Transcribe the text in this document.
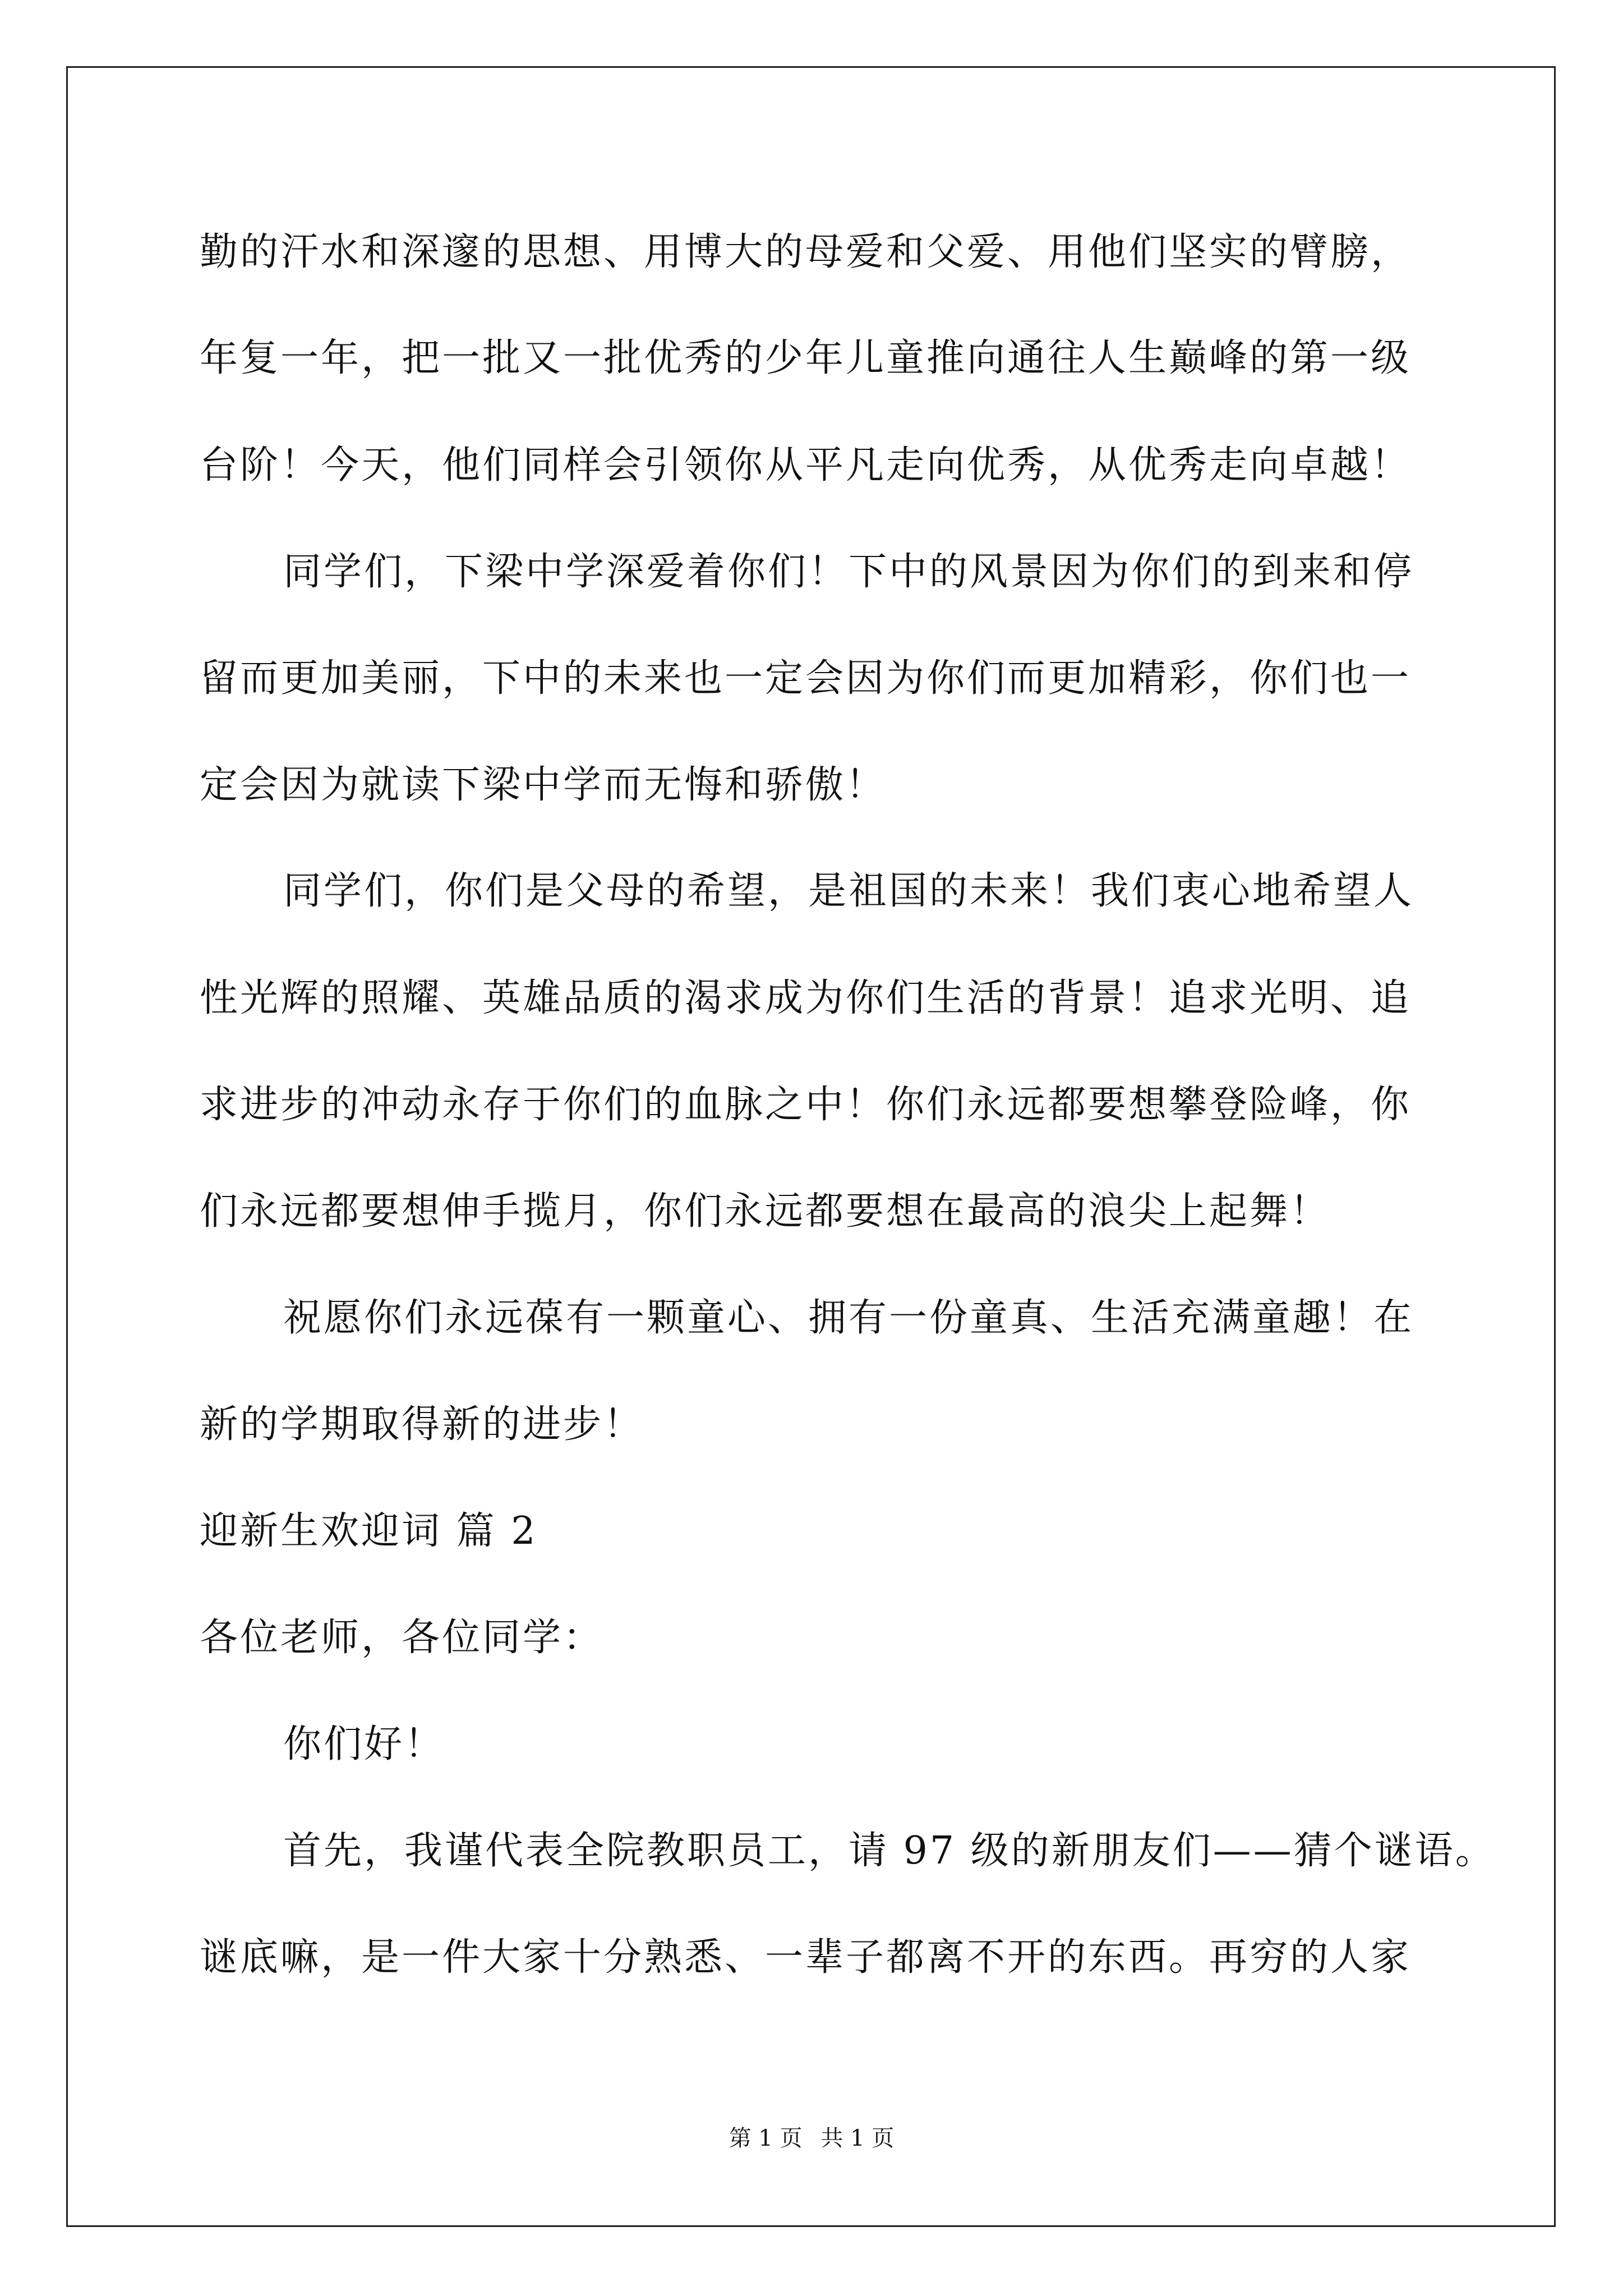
勤的汗水和深邃的思想、用博大的母爱和父爱、用他们坚实的臂膀，
年复一年，把一批又一批优秀的少年儿童推向通往人生巅峰的第一级
台阶！今天，他们同样会引领你从平凡走向优秀，从优秀走向卓越！
同学们，下梁中学深爱着你们！下中的风景因为你们的到来和停
留而更加美丽，下中的未来也一定会因为你们而更加精彩，你们也一
定会因为就读下梁中学而无悔和骄傲！
同学们，你们是父母的希望，是祖国的未来！我们衷心地希望人
性光辉的照耀、英雄品质的渴求成为你们生活的背景！追求光明、追
求进步的冲动永存于你们的血脉之中！你们永远都要想攀登险峰，你
们永远都要想伸手揽月，你们永远都要想在最高的浪尖上起舞！
祝愿你们永远葆有一颗童心、拥有一份童真、生活充满童趣！在
新的学期取得新的进步！
迎新生欢迎词 篇 2
各位老师，各位同学：
你们好！
首先，我谨代表全院教职员工，请 97 级的新朋友们——猜个谜语。
谜底嘛，是一件大家十分熟悉、一辈子都离不开的东西。再穷的人家
第 1 页 共 1 页
